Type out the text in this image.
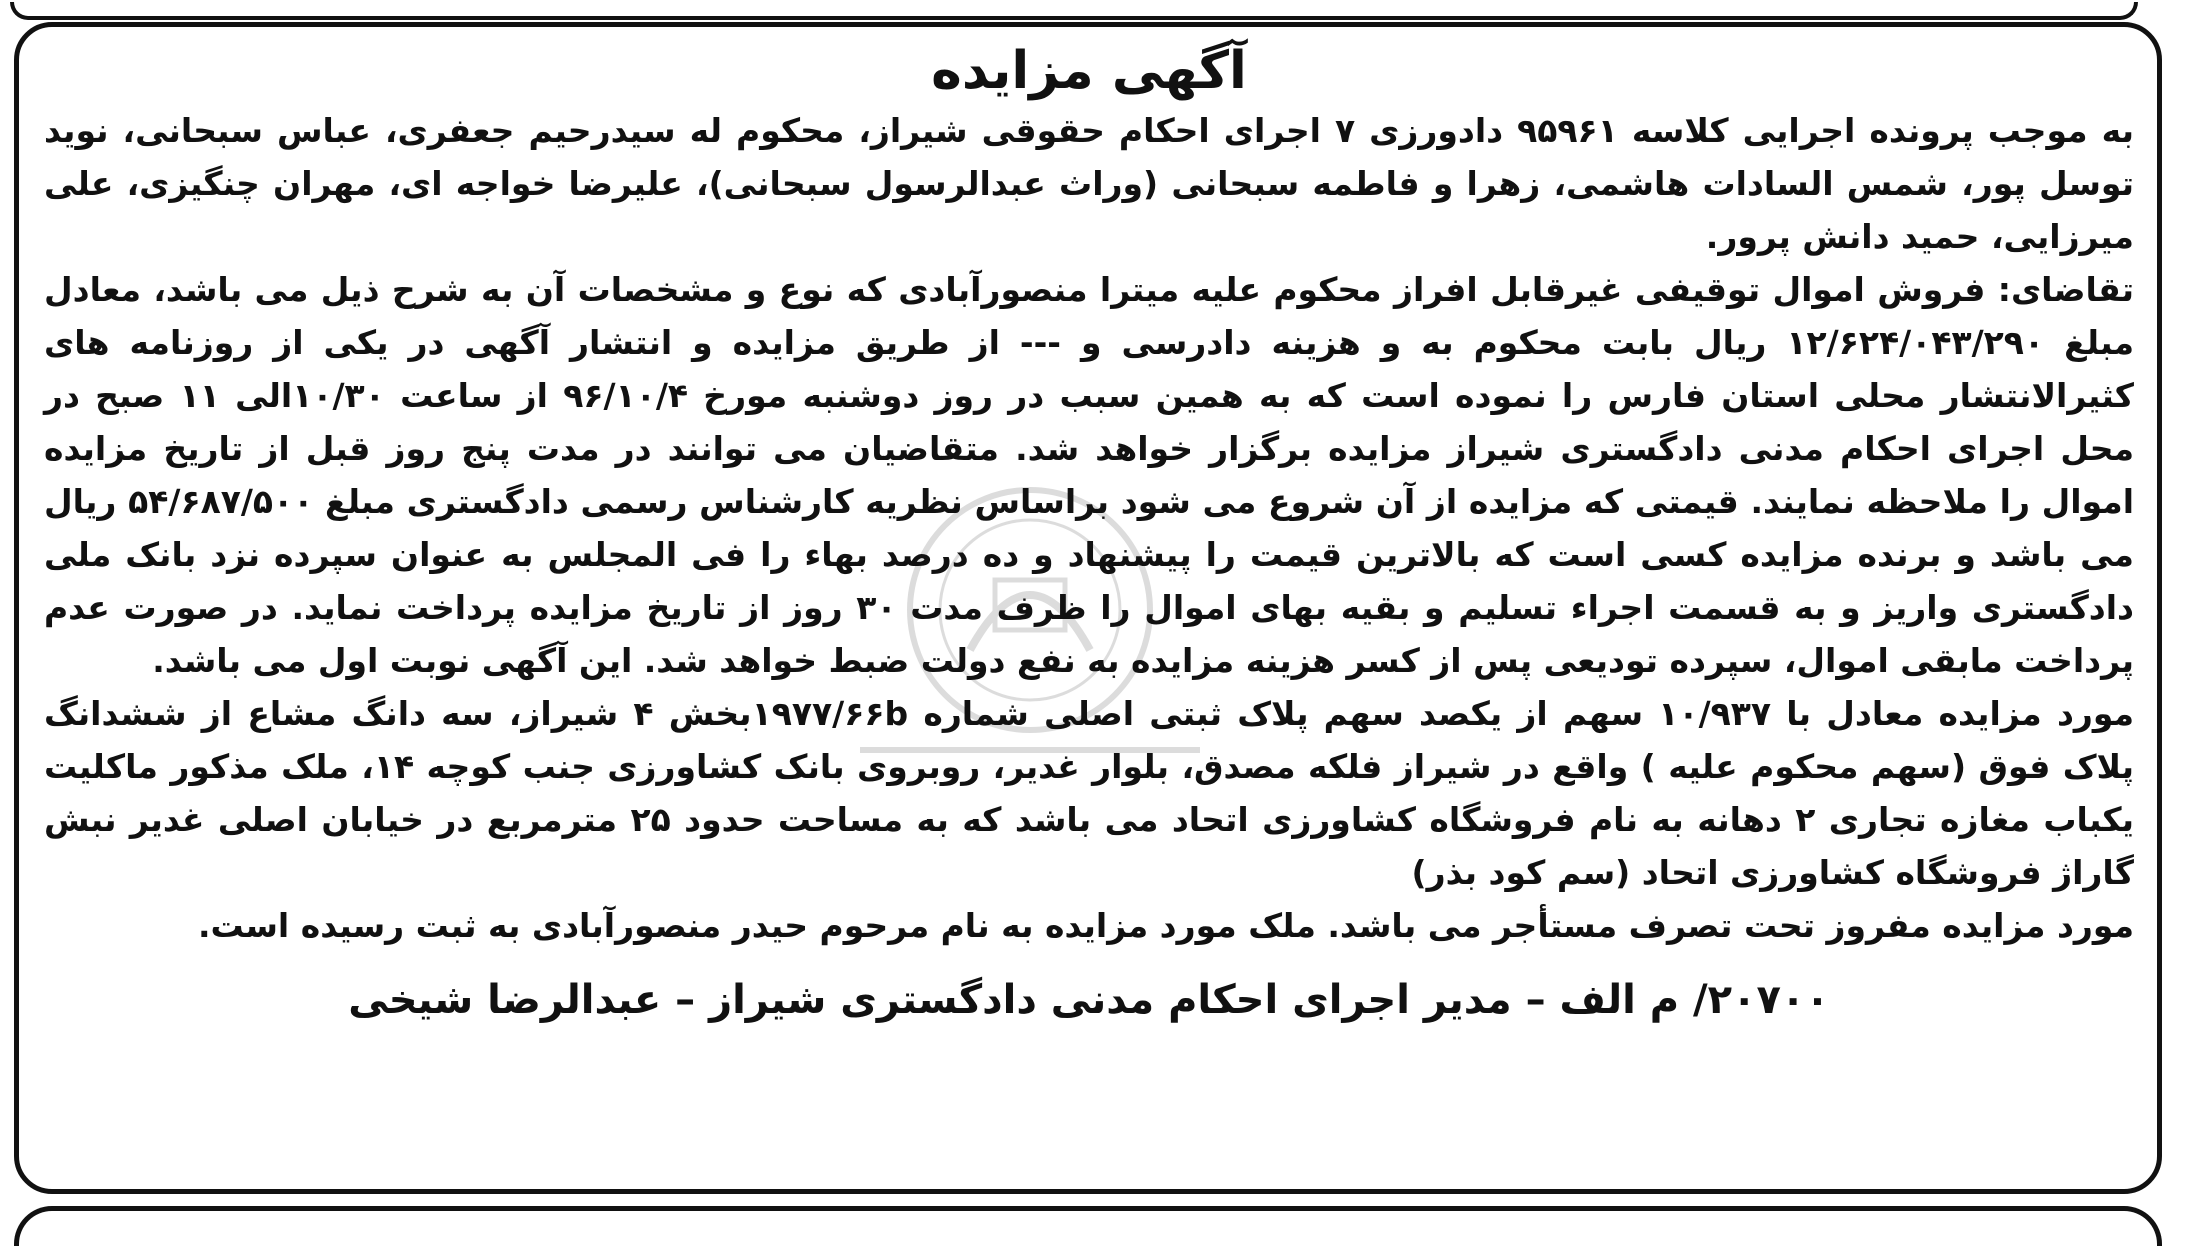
آگهی مزایده

به موجب پرونده اجرایی کلاسه ۹۵۹۶۱ دادورزی ۷ اجرای احکام حقوقی شیراز، محکوم له سیدرحیم جعفری، عباس سبحانی، نوید توسل پور، شمس السادات هاشمی، زهرا و فاطمه سبحانی (وراث عبدالرسول سبحانی)، علیرضا خواجه ای، مهران چنگیزی، علی میرزایی، حمید دانش پرور.

تقاضای: فروش اموال توقیفی غیرقابل افراز محکوم علیه میترا منصورآبادی که نوع و مشخصات آن به شرح ذیل می باشد، معادل مبلغ ۱۲/۶۲۴/۰۴۳/۲۹۰ ریال بابت محکوم به و هزینه دادرسی و --- از طریق مزایده و انتشار آگهی در یکی از روزنامه های کثیرالانتشار محلی استان فارس را نموده است که به همین سبب در روز دوشنبه مورخ ۹۶/۱۰/۴ از ساعت ۱۰/۳۰الی ۱۱ صبح در محل اجرای احکام مدنی دادگستری شیراز مزایده برگزار خواهد شد. متقاضیان می توانند در مدت پنج روز قبل از تاریخ مزایده اموال را ملاحظه نمایند. قیمتی که مزایده از آن شروع می شود براساس نظریه کارشناس رسمی دادگستری مبلغ ۵۴/۶۸۷/۵۰۰ ریال می باشد و برنده مزایده کسی است که بالاترین قیمت را پیشنهاد و ده درصد بهاء را فی المجلس به عنوان سپرده نزد بانک ملی دادگستری واریز و به قسمت اجراء تسلیم و بقیه بهای اموال را ظرف مدت ۳۰ روز از تاریخ مزایده پرداخت نماید. در صورت عدم پرداخت مابقی اموال، سپرده تودیعی پس از کسر هزینه مزایده به نفع دولت ضبط خواهد شد. این آگهی نوبت اول می باشد.

مورد مزایده معادل با ۱۰/۹۳۷ سهم از یکصد سهم پلاک ثبتی اصلی شماره ۱۹۷۷/۶۶bبخش ۴ شیراز، سه دانگ مشاع از ششدانگ پلاک فوق (سهم محکوم علیه ) واقع در شیراز فلکه مصدق، بلوار غدیر، روبروی بانک کشاورزی جنب کوچه ۱۴، ملک مذکور ماکلیت یکباب مغازه تجاری ۲ دهانه به نام فروشگاه کشاورزی اتحاد می باشد که به مساحت حدود ۲۵ مترمربع در خیابان اصلی غدیر نبش گاراژ فروشگاه کشاورزی اتحاد (سم کود بذر)

مورد مزایده مفروز تحت تصرف مستأجر می باشد. ملک مورد مزایده به نام مرحوم حیدر منصورآبادی به ثبت رسیده است.

۲۰۷۰۰/ م الف – مدیر اجرای احکام مدنی دادگستری شیراز – عبدالرضا شیخی
